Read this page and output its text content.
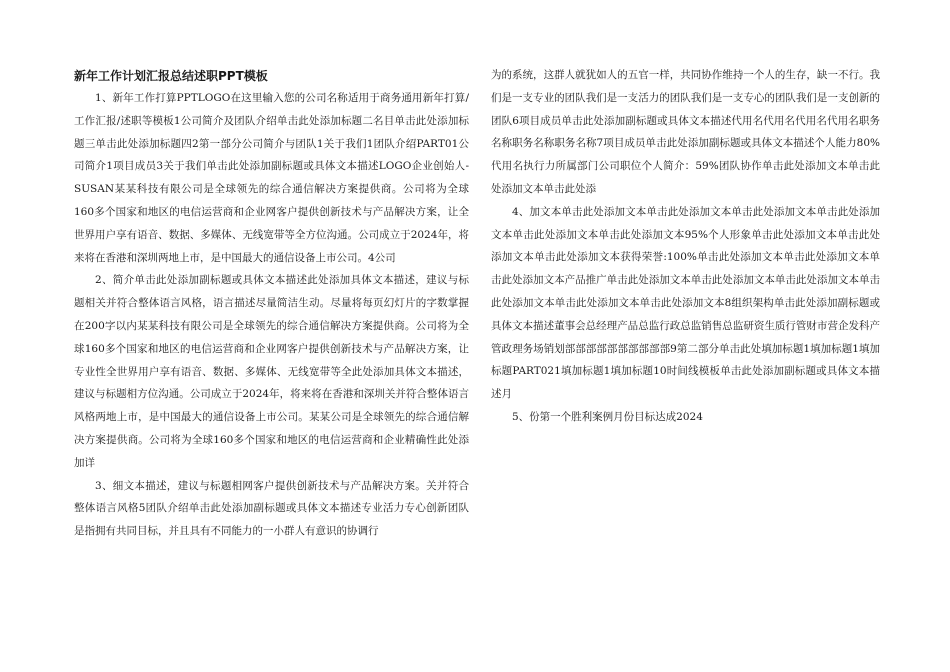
新年工作计划汇报总结述职PPT模板

1、新年工作打算PPTLOGO在这里输入您的公司名称适用于商务通用新年打算/工作汇报/述职等模板1公司简介及团队介绍单击此处添加标题二名目单击此处添加标题三单击此处添加标题四2第一部分公司简介与团队1关于我们1团队介绍PART01公司简介1项目成员3关于我们单击此处添加副标题或具体文本描述LOGO企业创始人-SUSAN某某科技有限公司是全球领先的综合通信解决方案提供商。公司将为全球160多个国家和地区的电信运营商和企业网客户提供创新技术与产品解决方案，让全世界用户享有语音、数据、多媒体、无线宽带等全方位沟通。公司成立于2024年，将来将在香港和深圳两地上市，是中国最大的通信设备上市公司。4公司

2、简介单击此处添加副标题或具体文本描述此处添加具体文本描述，建议与标题相关并符合整体语言风格，语言描述尽量简洁生动。尽量将每页幻灯片的字数掌握在200字以内某某科技有限公司是全球领先的综合通信解决方案提供商。公司将为全球160多个国家和地区的电信运营商和企业网客户提供创新技术与产品解决方案，让专业性全世界用户享有语音、数据、多媒体、无线宽带等全此处添加具体文本描述，建议与标题相方位沟通。公司成立于2024年，将来将在香港和深圳关并符合整体语言风格两地上市，是中国最大的通信设备上市公司。某某公司是全球领先的综合通信解决方案提供商。公司将为全球160多个国家和地区的电信运营商和企业精确性此处添加详

3、细文本描述，建议与标题相网客户提供创新技术与产品解决方案。关并符合整体语言风格5团队介绍单击此处添加副标题或具体文本描述专业活力专心创新团队是指拥有共同目标，并且具有不同能力的一小群人有意识的协调行

为的系统，这群人就犹如人的五官一样，共同协作维持一个人的生存，缺一不行。我们是一支专业的团队我们是一支活力的团队我们是一支专心的团队我们是一支创新的团队6项目成员单击此处添加副标题或具体文本描述代用名代用名代用名代用名职务名称职务名称职务名称7项目成员单击此处添加副标题或具体文本描述个人能力80%代用名执行力所属部门公司职位个人简介：59%团队协作单击此处添加文本单击此处添加文本单击此处添

4、加文本单击此处添加文本单击此处添加文本单击此处添加文本单击此处添加文本单击此处添加文本单击此处添加文本95%个人形象单击此处添加文本单击此处添加文本单击此处添加文本获得荣誉:100%单击此处添加文本单击此处添加文本单击此处添加文本产品推广单击此处添加文本单击此处添加文本单击此处添加文本单击此处添加文本单击此处添加文本单击此处添加文本8组织架构单击此处添加副标题或具体文本描述董事会总经理产品总监行政总监销售总监研资生质行管财市营企发科产管政理务场销划部部部部部部部部部部9第二部分单击此处填加标题1填加标题1填加标题PART021填加标题1填加标题10时间线模板单击此处添加副标题或具体文本描述月

5、份第一个胜利案例月份目标达成2024
